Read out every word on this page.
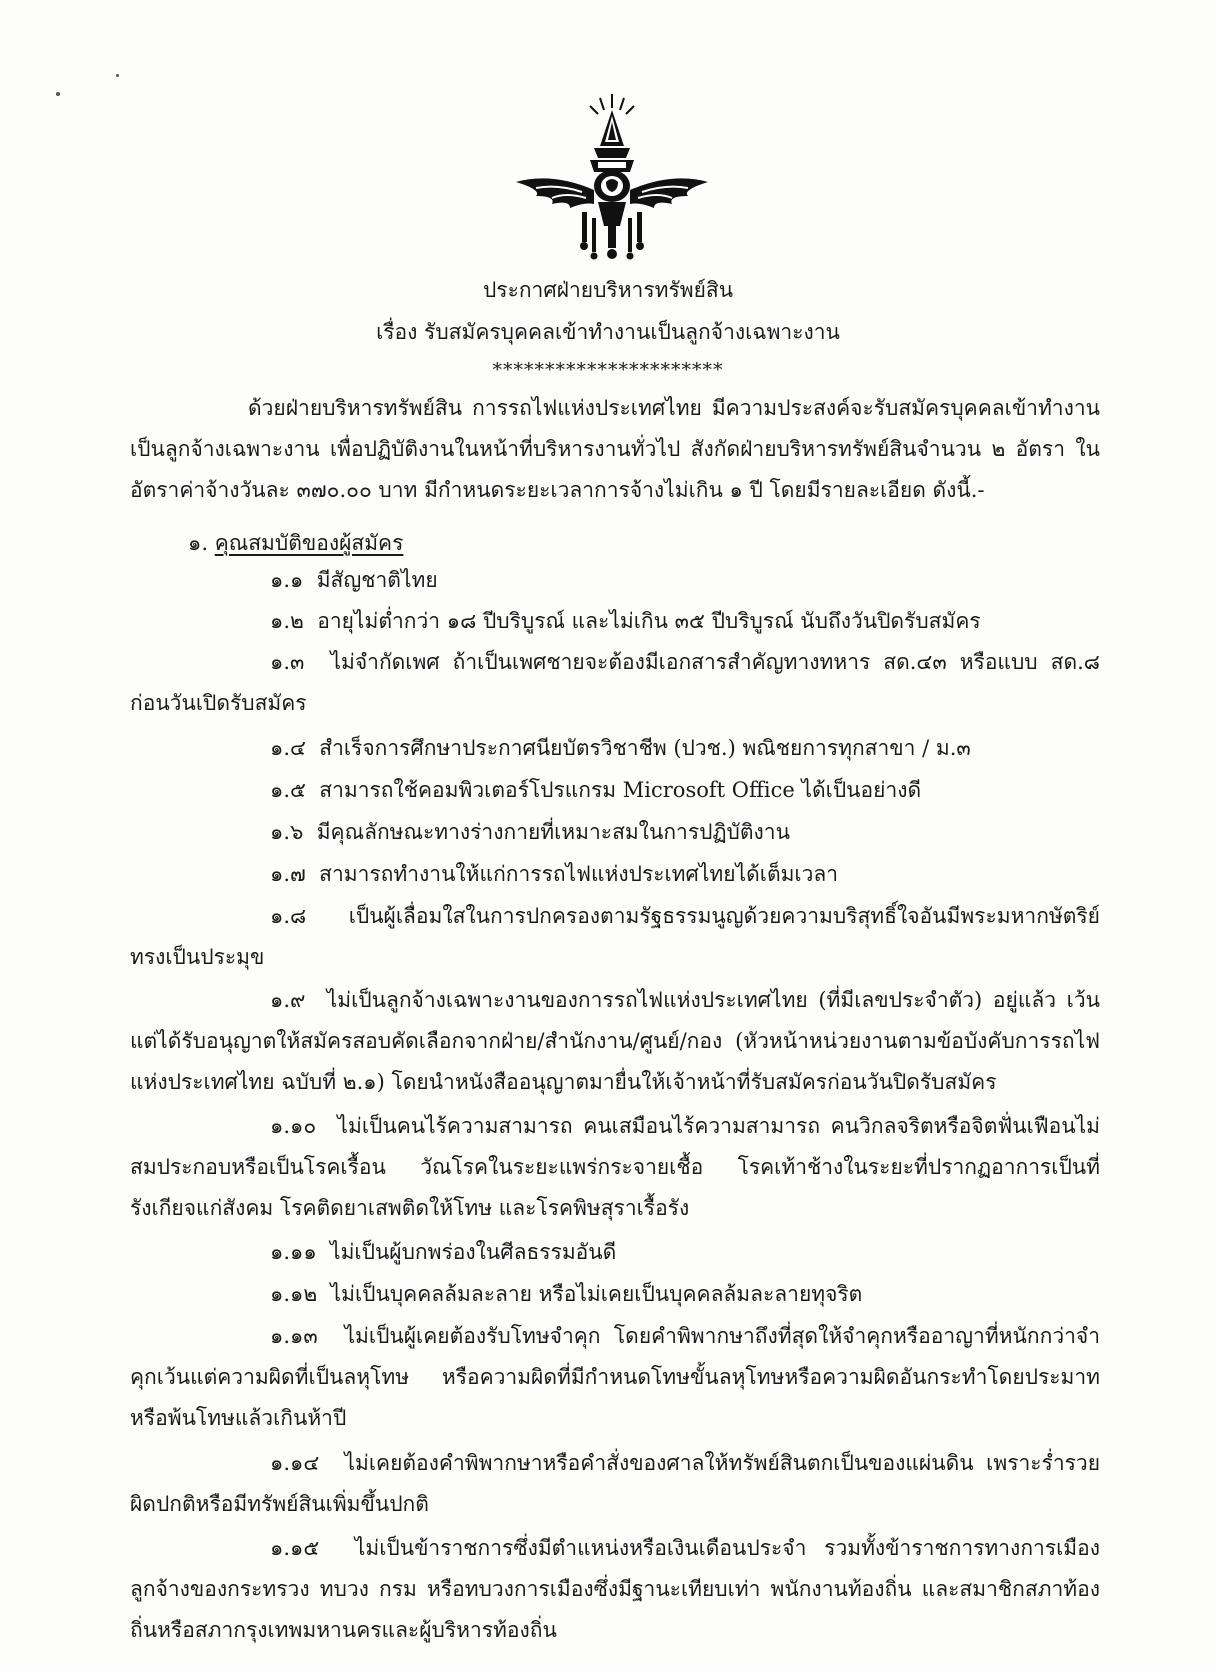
ประกาศฝ่ายบริหารทรัพย์สิน
เรื่อง รับสมัครบุคคลเข้าทำงานเป็นลูกจ้างเฉพาะงาน
**********************
ด้วยฝ่ายบริหารทรัพย์สิน การรถไฟแห่งประเทศไทย มีความประสงค์จะรับสมัครบุคคลเข้าทำงานเป็นลูกจ้างเฉพาะงาน เพื่อปฏิบัติงานในหน้าที่บริหารงานทั่วไป สังกัดฝ่ายบริหารทรัพย์สินจำนวน ๒ อัตรา ในอัตราค่าจ้างวันละ ๓๗๐.๐๐ บาท มีกำหนดระยะเวลาการจ้างไม่เกิน ๑ ปี โดยมีรายละเอียด ดังนี้.-
๑. คุณสมบัติของผู้สมัคร
๑.๑ มีสัญชาติไทย
๑.๒ อายุไม่ต่ำกว่า ๑๘ ปีบริบูรณ์ และไม่เกิน ๓๕ ปีบริบูรณ์ นับถึงวันปิดรับสมัคร
๑.๓ ไม่จำกัดเพศ ถ้าเป็นเพศชายจะต้องมีเอกสารสำคัญทางทหาร สด.๔๓ หรือแบบ สด.๘ ก่อนวันเปิดรับสมัคร
๑.๔ สำเร็จการศึกษาประกาศนียบัตรวิชาชีพ (ปวช.) พณิชยการทุกสาขา / ม.๓
๑.๕ สามารถใช้คอมพิวเตอร์โปรแกรม Microsoft Office ได้เป็นอย่างดี
๑.๖ มีคุณลักษณะทางร่างกายที่เหมาะสมในการปฏิบัติงาน
๑.๗ สามารถทำงานให้แก่การรถไฟแห่งประเทศไทยได้เต็มเวลา
๑.๘ เป็นผู้เลื่อมใสในการปกครองตามรัฐธรรมนูญด้วยความบริสุทธิ์ใจอันมีพระมหากษัตริย์ทรงเป็นประมุข
๑.๙ ไม่เป็นลูกจ้างเฉพาะงานของการรถไฟแห่งประเทศไทย (ที่มีเลขประจำตัว) อยู่แล้ว เว้นแต่ได้รับอนุญาตให้สมัครสอบคัดเลือกจากฝ่าย/สำนักงาน/ศูนย์/กอง (หัวหน้าหน่วยงานตามข้อบังคับการรถไฟแห่งประเทศไทย ฉบับที่ ๒.๑) โดยนำหนังสืออนุญาตมายื่นให้เจ้าหน้าที่รับสมัครก่อนวันปิดรับสมัคร
๑.๑๐ ไม่เป็นคนไร้ความสามารถ คนเสมือนไร้ความสามารถ คนวิกลจริตหรือจิตฟั่นเฟือนไม่สมประกอบหรือเป็นโรคเรื้อน วัณโรคในระยะแพร่กระจายเชื้อ โรคเท้าช้างในระยะที่ปรากฏอาการเป็นที่รังเกียจแก่สังคม โรคติดยาเสพติดให้โทษ และโรคพิษสุราเรื้อรัง
๑.๑๑ ไม่เป็นผู้บกพร่องในศีลธรรมอันดี
๑.๑๒ ไม่เป็นบุคคลล้มละลาย หรือไม่เคยเป็นบุคคลล้มละลายทุจริต
๑.๑๓ ไม่เป็นผู้เคยต้องรับโทษจำคุก โดยคำพิพากษาถึงที่สุดให้จำคุกหรืออาญาที่หนักกว่าจำคุกเว้นแต่ความผิดที่เป็นลหุโทษ หรือความผิดที่มีกำหนดโทษขั้นลหุโทษหรือความผิดอันกระทำโดยประมาท หรือพ้นโทษแล้วเกินห้าปี
๑.๑๔ ไม่เคยต้องคำพิพากษาหรือคำสั่งของศาลให้ทรัพย์สินตกเป็นของแผ่นดิน เพราะร่ำรวยผิดปกติหรือมีทรัพย์สินเพิ่มขึ้นปกติ
๑.๑๕ ไม่เป็นข้าราชการซึ่งมีตำแหน่งหรือเงินเดือนประจำ รวมทั้งข้าราชการทางการเมืองลูกจ้างของกระทรวง ทบวง กรม หรือทบวงการเมืองซึ่งมีฐานะเทียบเท่า พนักงานท้องถิ่น และสมาชิกสภาท้องถิ่นหรือสภากรุงเทพมหานครและผู้บริหารท้องถิ่น
